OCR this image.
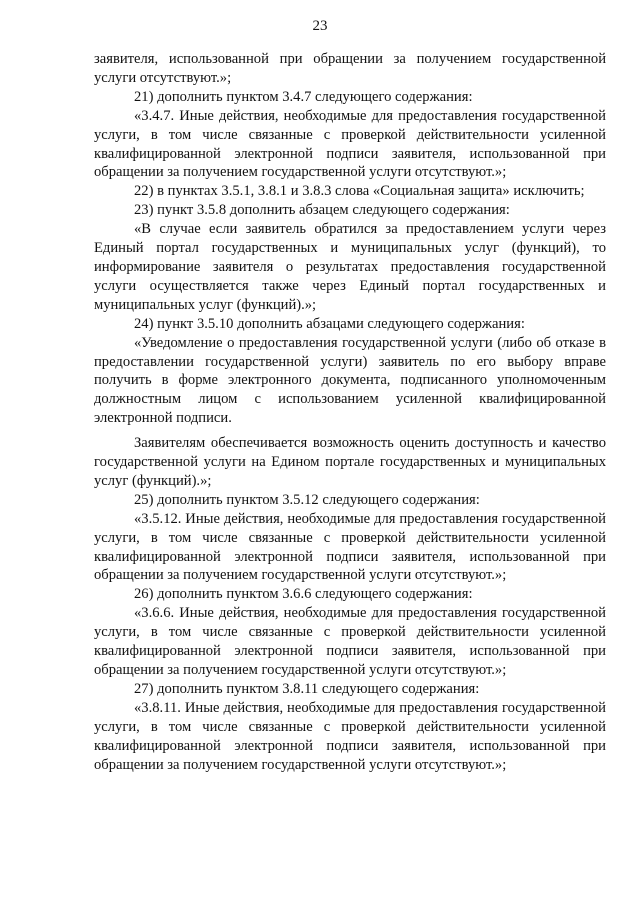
23

заявителя, использованной при обращении за получением государственной услуги отсутствуют.»;

21) дополнить пунктом 3.4.7 следующего содержания:

«3.4.7. Иные действия, необходимые для предоставления государственной услуги, в том числе связанные с проверкой действительности усиленной квалифицированной электронной подписи заявителя, использованной при обращении за получением государственной услуги отсутствуют.»;

22) в пунктах 3.5.1, 3.8.1 и 3.8.3 слова «Социальная защита» исключить;

23) пункт 3.5.8 дополнить абзацем следующего содержания:

«В случае если заявитель обратился за предоставлением услуги через Единый портал государственных и муниципальных услуг (функций), то информирование заявителя о результатах предоставления государственной услуги осуществляется также через Единый портал государственных и муниципальных услуг (функций).»;

24) пункт 3.5.10 дополнить абзацами следующего содержания:

«Уведомление о предоставления государственной услуги (либо об отказе в предоставлении государственной услуги) заявитель по его выбору вправе получить в форме электронного документа, подписанного уполномоченным должностным лицом с использованием усиленной квалифицированной электронной подписи.

Заявителям обеспечивается возможность оценить доступность и качество государственной услуги на Едином портале государственных и муниципальных услуг (функций).»;

25) дополнить пунктом 3.5.12 следующего содержания:

«3.5.12. Иные действия, необходимые для предоставления государственной услуги, в том числе связанные с проверкой действительности усиленной квалифицированной электронной подписи заявителя, использованной при обращении за получением государственной услуги отсутствуют.»;

26) дополнить пунктом 3.6.6 следующего содержания:

«3.6.6. Иные действия, необходимые для предоставления государственной услуги, в том числе связанные с проверкой действительности усиленной квалифицированной электронной подписи заявителя, использованной при обращении за получением государственной услуги отсутствуют.»;

27) дополнить пунктом 3.8.11 следующего содержания:

«3.8.11. Иные действия, необходимые для предоставления государственной услуги, в том числе связанные с проверкой действительности усиленной квалифицированной электронной подписи заявителя, использованной при обращении за получением государственной услуги отсутствуют.»;
